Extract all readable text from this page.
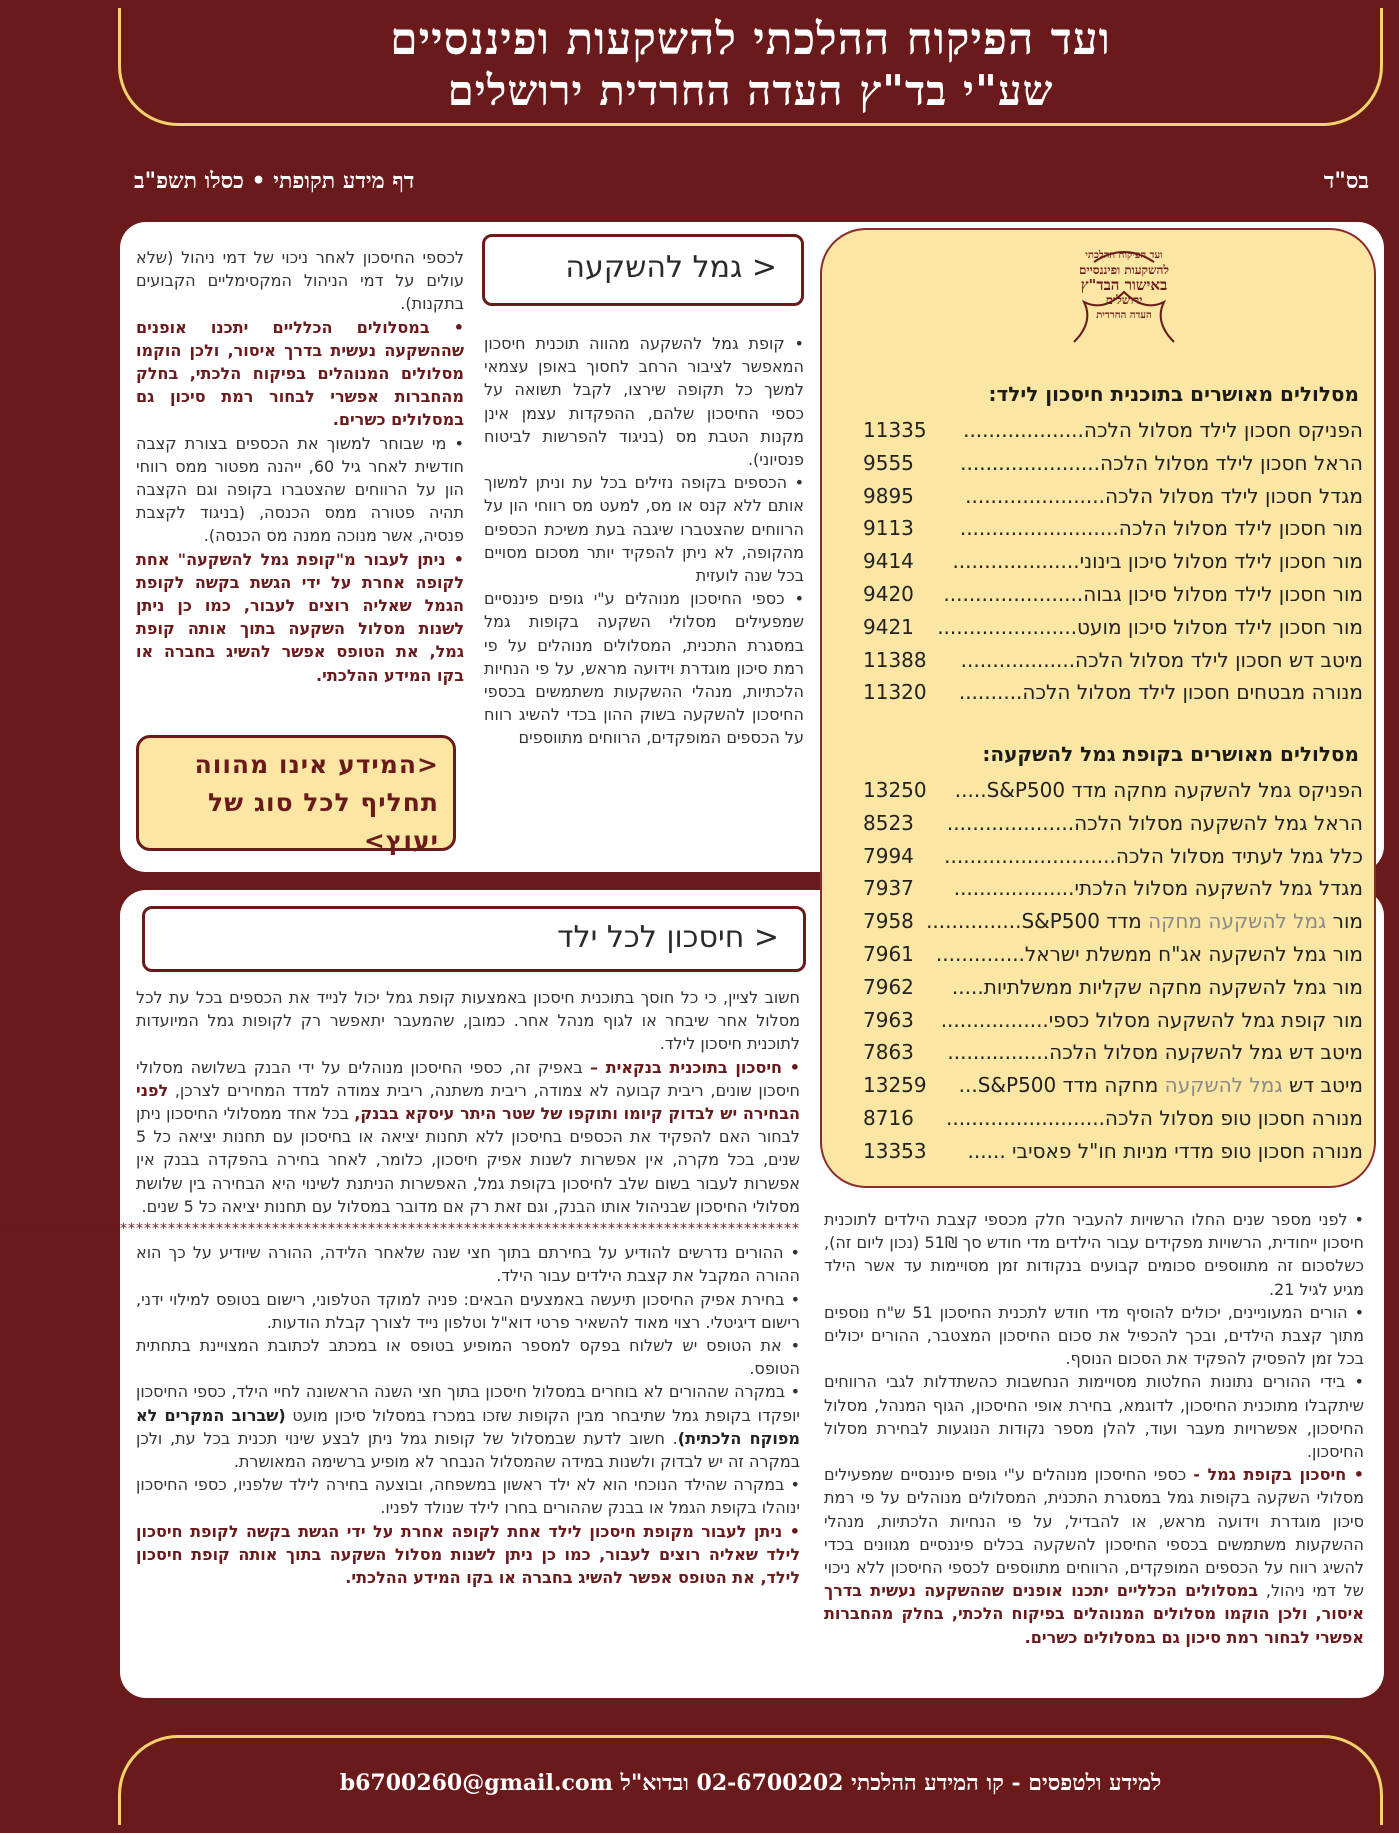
ועד הפיקוח ההלכתי להשקעות ופיננסיים
שע"י בד"ץ העדה החרדית ירושלים
בס"ד
דף מידע תקופתי • כסלו תשפ"ב
ועד הפיקוח ההלכתי
להשקעות ופיננסיים
באישור הבד"ץ
ירושלים
העדה החרדית
מסלולים מאושרים בתוכנית חיסכון לילד:
הפניקס חסכון לילד מסלול הלכה...................
11335
הראל חסכון לילד מסלול הלכה......................
9555
מגדל חסכון לילד מסלול הלכה......................
9895
מור חסכון לילד מסלול הלכה.........................
9113
מור חסכון לילד מסלול סיכון בינוני....................
9414
מור חסכון לילד מסלול סיכון גבוה......................
9420
מור חסכון לילד מסלול סיכון מועט......................
9421
מיטב דש חסכון לילד מסלול הלכה..................
11388
מנורה מבטחים חסכון לילד מסלול הלכה..........
11320
מסלולים מאושרים בקופת גמל להשקעה:
הפניקס גמל להשקעה מחקה מדד S&P500.....
13250
הראל גמל להשקעה מסלול הלכה....................
8523
כלל גמל לעתיד מסלול הלכה...........................
7994
מגדל גמל להשקעה מסלול הלכתי...................
7937
מור גמל להשקעה מחקה מדד S&P500...............
7958
מור גמל להשקעה אג"ח ממשלת ישראל..............
7961
מור גמל להשקעה מחקה שקליות ממשלתיות.....
7962
מור קופת גמל להשקעה מסלול כספי.................
7963
מיטב דש גמל להשקעה מסלול הלכה................
7863
מיטב דש גמל להשקעה מחקה מדד S&P500...
13259
מנורה חסכון טופ מסלול הלכה.........................
8716
מנורה חסכון טופ מדדי מניות חו"ל פאסיבי ......
13353
< גמל להשקעה

• קופת גמל להשקעה מהווה תוכנית חיסכון המאפשר לציבור הרחב לחסוך באופן עצמאי למשך כל תקופה שירצו, לקבל תשואה על כספי החיסכון שלהם, ההפקדות עצמן אינן מקנות הטבת מס (בניגוד להפרשות לביטוח פנסיוני).

• הכספים בקופה נזילים בכל עת וניתן למשוך אותם ללא קנס או מס, למעט מס רווחי הון על הרווחים שהצטברו שיגבה בעת משיכת הכספים מהקופה, לא ניתן להפקיד יותר מסכום מסויים בכל שנה לועזית

• כספי החיסכון מנוהלים ע"י גופים פיננסיים שמפעילים מסלולי השקעה בקופות גמל במסגרת התכנית, המסלולים מנוהלים על פי רמת סיכון מוגדרת וידועה מראש, על פי הנחיות הלכתיות, מנהלי ההשקעות משתמשים בכספי החיסכון להשקעה בשוק ההון בכדי להשיג רווח על הכספים המופקדים, הרווחים מתווספים

לכספי החיסכון לאחר ניכוי של דמי ניהול (שלא עולים על דמי הניהול המקסימליים הקבועים בתקנות).

• במסלולים הכלליים יתכנו אופנים שההשקעה נעשית בדרך איסור, ולכן הוקמו מסלולים המנוהלים בפיקוח הלכתי, בחלק מהחברות אפשרי לבחור רמת סיכון גם במסלולים כשרים.

• מי שבוחר למשוך את הכספים בצורת קצבה חודשית לאחר גיל 60, ייהנה מפטור ממס רווחי הון על הרווחים שהצטברו בקופה וגם הקצבה תהיה פטורה ממס הכנסה, (בניגוד לקצבת פנסיה, אשר מנוכה ממנה מס הכנסה).

• ניתן לעבור מ"קופת גמל להשקעה" אחת לקופה אחרת על ידי הגשת בקשה לקופת הגמל שאליה רוצים לעבור, כמו כן ניתן לשנות מסלול השקעה בתוך אותה קופת גמל, את הטופס אפשר להשיג בחברה או בקו המידע ההלכתי.

<המידע אינו מהווה
תחליף לכל סוג של יעוץ>
< חיסכון לכל ילד

חשוב לציין, כי כל חוסך בתוכנית חיסכון באמצעות קופת גמל יכול לנייד את הכספים בכל עת לכל מסלול אחר שיבחר או לגוף מנהל אחר. כמובן, שהמעבר יתאפשר רק לקופות גמל המיועדות לתוכנית חיסכון לילד.

• חיסכון בתוכנית בנקאית – באפיק זה, כספי החיסכון מנוהלים על ידי הבנק בשלושה מסלולי חיסכון שונים, ריבית קבועה לא צמודה, ריבית משתנה, ריבית צמודה למדד המחירים לצרכן, לפני הבחירה יש לבדוק קיומו ותוקפו של שטר היתר עיסקא בבנק, בכל אחד ממסלולי החיסכון ניתן לבחור האם להפקיד את הכספים בחיסכון ללא תחנות יציאה או בחיסכון עם תחנות יציאה כל 5 שנים, בכל מקרה, אין אפשרות לשנות אפיק חיסכון, כלומר, לאחר בחירה בהפקדה בבנק אין אפשרות לעבור בשום שלב לחיסכון בקופת גמל, האפשרות הניתנת לשינוי היא הבחירה בין שלושת מסלולי החיסכון שבניהול אותו הבנק, וגם זאת רק אם מדובר במסלול עם תחנות יציאה כל 5 שנים.

****************************************************************************************************

• ההורים נדרשים להודיע על בחירתם בתוך חצי שנה שלאחר הלידה, ההורה שיודיע על כך הוא ההורה המקבל את קצבת הילדים עבור הילד.

• בחירת אפיק החיסכון תיעשה באמצעים הבאים: פניה למוקד הטלפוני, רישום בטופס למילוי ידני, רישום דיגיטלי. רצוי מאוד להשאיר פרטי דוא"ל וטלפון נייד לצורך קבלת הודעות.

• את הטופס יש לשלוח בפקס למספר המופיע בטופס או במכתב לכתובת המצויינת בתחתית הטופס.

• במקרה שההורים לא בוחרים במסלול חיסכון בתוך חצי השנה הראשונה לחיי הילד, כספי החיסכון יופקדו בקופת גמל שתיבחר מבין הקופות שזכו במכרז במסלול סיכון מועט (שברוב המקרים לא מפוקח הלכתית). חשוב לדעת שבמסלול של קופות גמל ניתן לבצע שינוי תכנית בכל עת, ולכן במקרה זה יש לבדוק ולשנות במידה שהמסלול הנבחר לא מופיע ברשימה המאושרת.

• במקרה שהילד הנוכחי הוא לא ילד ראשון במשפחה, ובוצעה בחירה לילד שלפניו, כספי החיסכון ינוהלו בקופת הגמל או בבנק שההורים בחרו לילד שנולד לפניו.

• ניתן לעבור מקופת חיסכון לילד אחת לקופה אחרת על ידי הגשת בקשה לקופת חיסכון לילד שאליה רוצים לעבור, כמו כן ניתן לשנות מסלול השקעה בתוך אותה קופת חיסכון לילד, את הטופס אפשר להשיג בחברה או בקו המידע ההלכתי.

• לפני מספר שנים החלו הרשויות להעביר חלק מכספי קצבת הילדים לתוכנית חיסכון ייחודית, הרשויות מפקידים עבור הילדים מדי חודש סך 51₪ (נכון ליום זה), כשלסכום זה מתווספים סכומים קבועים בנקודות זמן מסויימות עד אשר הילד מגיע לגיל 21.

• הורים המעוניינים, יכולים להוסיף מדי חודש לתכנית החיסכון 51 ש"ח נוספים מתוך קצבת הילדים, ובכך להכפיל את סכום החיסכון המצטבר, ההורים יכולים בכל זמן להפסיק להפקיד את הסכום הנוסף.

• בידי ההורים נתונות החלטות מסויימות הנחשבות כהשתדלות לגבי הרווחים שיתקבלו מתוכנית החיסכון, לדוגמא, בחירת אופי החיסכון, הגוף המנהל, מסלול החיסכון, אפשרויות מעבר ועוד, להלן מספר נקודות הנוגעות לבחירת מסלול החיסכון.

• חיסכון בקופת גמל - כספי החיסכון מנוהלים ע"י גופים פיננסיים שמפעילים מסלולי השקעה בקופות גמל במסגרת התכנית, המסלולים מנוהלים על פי רמת סיכון מוגדרת וידועה מראש, או להבדיל, על פי הנחיות הלכתיות, מנהלי ההשקעות משתמשים בכספי החיסכון להשקעה בכלים פיננסיים מגוונים בכדי להשיג רווח על הכספים המופקדים, הרווחים מתווספים לכספי החיסכון ללא ניכוי של דמי ניהול, במסלולים הכלליים יתכנו אופנים שההשקעה נעשית בדרך איסור, ולכן הוקמו מסלולים המנוהלים בפיקוח הלכתי, בחלק מהחברות אפשרי לבחור רמת סיכון גם במסלולים כשרים.

למידע ולטפסים - קו המידע ההלכתי 02-6700202 ובדוא"ל b6700260@gmail.com
